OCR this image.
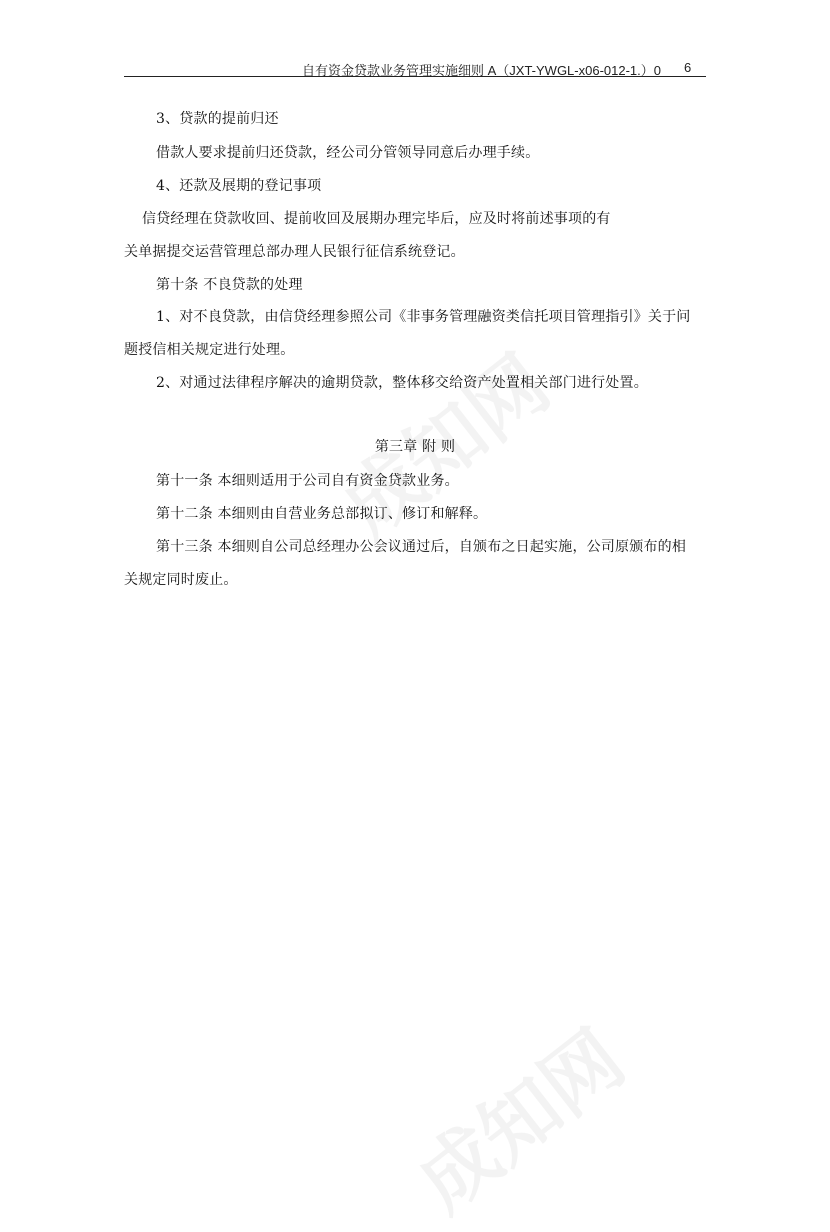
自有资金贷款业务管理实施细则 A（JXT-YWGL-x06-012-1.）0 6
3、贷款的提前归还
借款人要求提前归还贷款，经公司分管领导同意后办理手续。
4、还款及展期的登记事项
信贷经理在贷款收回、提前收回及展期办理完毕后，应及时将前述事项的有
关单据提交运营管理总部办理人民银行征信系统登记。
第十条 不良贷款的处理
1、对不良贷款，由信贷经理参照公司《非事务管理融资类信托项目管理指引》关于问
题授信相关规定进行处理。
2、对通过法律程序解决的逾期贷款，整体移交给资产处置相关部门进行处置。
第三章 附 则
第十一条 本细则适用于公司自有资金贷款业务。
第十二条 本细则由自营业务总部拟订、修订和解释。
第十三条 本细则自公司总经理办公会议通过后，自颁布之日起实施，公司原颁布的相
关规定同时废止。
